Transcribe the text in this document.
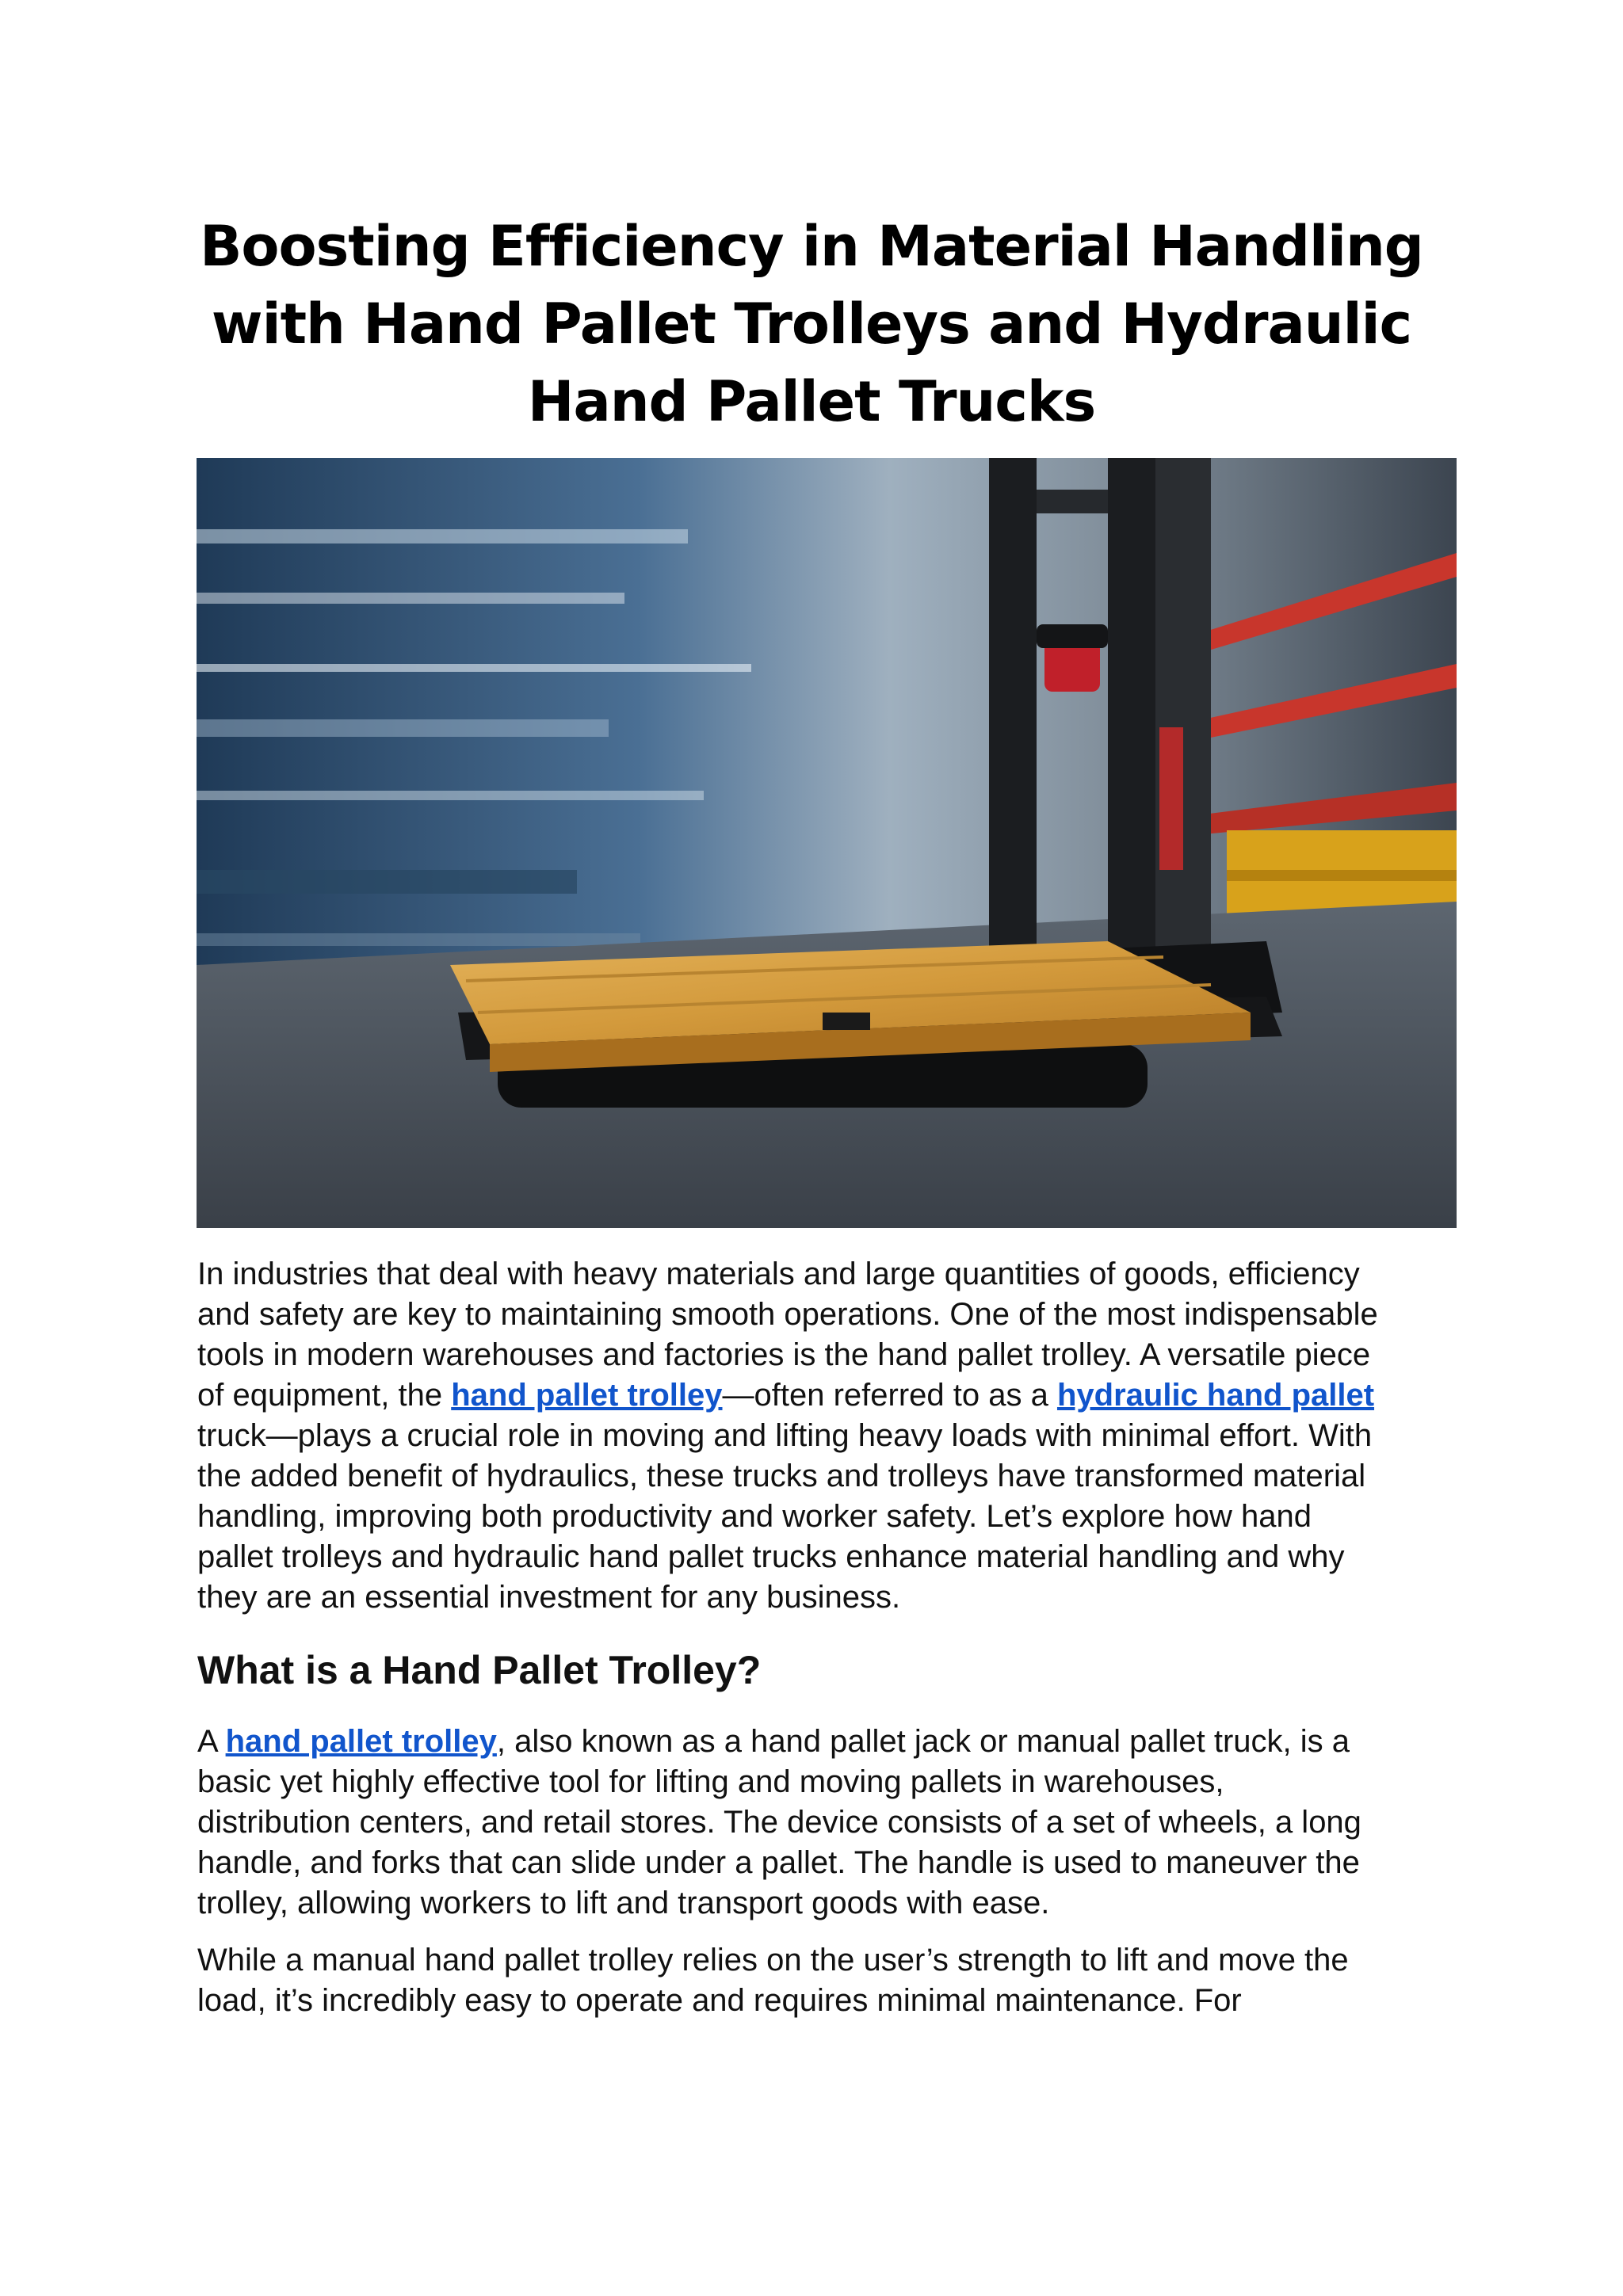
Boosting Efficiency in Material Handling
with Hand Pallet Trolleys and Hydraulic
Hand Pallet Trucks

In industries that deal with heavy materials and large quantities of goods, efficiency
and safety are key to maintaining smooth operations. One of the most indispensable
tools in modern warehouses and factories is the hand pallet trolley. A versatile piece
of equipment, the hand pallet trolley—often referred to as a hydraulic hand pallet
truck—plays a crucial role in moving and lifting heavy loads with minimal effort. With
the added benefit of hydraulics, these trucks and trolleys have transformed material
handling, improving both productivity and worker safety. Let’s explore how hand
pallet trolleys and hydraulic hand pallet trucks enhance material handling and why
they are an essential investment for any business.

What is a Hand Pallet Trolley?

A hand pallet trolley, also known as a hand pallet jack or manual pallet truck, is a
basic yet highly effective tool for lifting and moving pallets in warehouses,
distribution centers, and retail stores. The device consists of a set of wheels, a long
handle, and forks that can slide under a pallet. The handle is used to maneuver the
trolley, allowing workers to lift and transport goods with ease.

While a manual hand pallet trolley relies on the user’s strength to lift and move the
load, it’s incredibly easy to operate and requires minimal maintenance. For
